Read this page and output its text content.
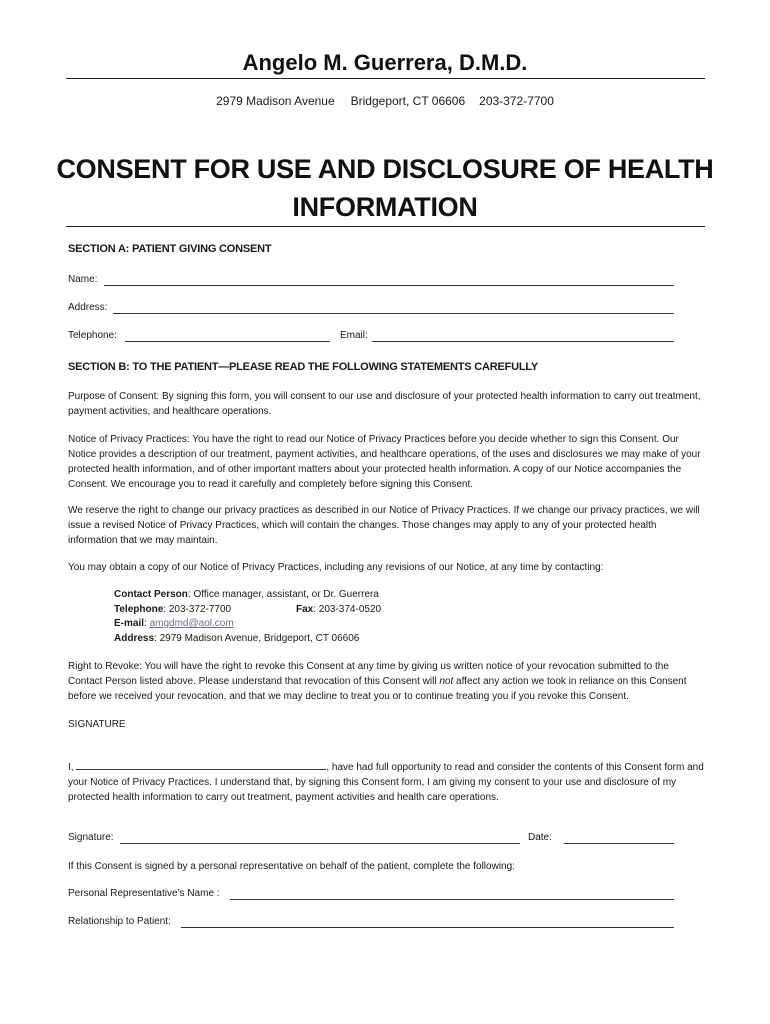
Angelo M. Guerrera, D.M.D.
2979 Madison Avenue Bridgeport, CT 06606 203-372-7700
CONSENT FOR USE AND DISCLOSURE OF HEALTH
INFORMATION
SECTION A: PATIENT GIVING CONSENT
Name:
Address:
Telephone:	Email:
SECTION B: TO THE PATIENT—PLEASE READ THE FOLLOWING STATEMENTS CAREFULLY

Purpose of Consent: By signing this form, you will consent to our use and disclosure of your protected health information to carry out treatment, payment activities, and healthcare operations.

Notice of Privacy Practices: You have the right to read our Notice of Privacy Practices before you decide whether to sign this Consent. Our Notice provides a description of our treatment, payment activities, and healthcare operations, of the uses and disclosures we may make of your protected health information, and of other important matters about your protected health information. A copy of our Notice accompanies the Consent. We encourage you to read it carefully and completely before signing this Consent.

We reserve the right to change our privacy practices as described in our Notice of Privacy Practices. If we change our privacy practices, we will issue a revised Notice of Privacy Practices, which will contain the changes. Those changes may apply to any of your protected health information that we may maintain.

You may obtain a copy of our Notice of Privacy Practices, including any revisions of our Notice, at any time by contacting:

Contact Person: Office manager, assistant, or Dr. Guerrera
Telephone: 203-372-7700	Fax: 203-374-0520
E-mail: amgdmd@aol.com
Address: 2979 Madison Avenue, Bridgeport, CT 06606

Right to Revoke: You will have the right to revoke this Consent at any time by giving us written notice of your revocation submitted to the Contact Person listed above. Please understand that revocation of this Consent will not affect any action we took in reliance on this Consent before we received your revocation, and that we may decline to treat you or to continue treating you if you revoke this Consent.

SIGNATURE

I,	, have had full opportunity to read and consider the contents of this Consent form and your Notice of Privacy Practices. I understand that, by signing this Consent form, I am giving my consent to your use and disclosure of my protected health information to carry out treatment, payment activities and health care operations.

Signature:	Date:

If this Consent is signed by a personal representative on behalf of the patient, complete the following:

Personal Representative’s Name :
Relationship to Patient:
